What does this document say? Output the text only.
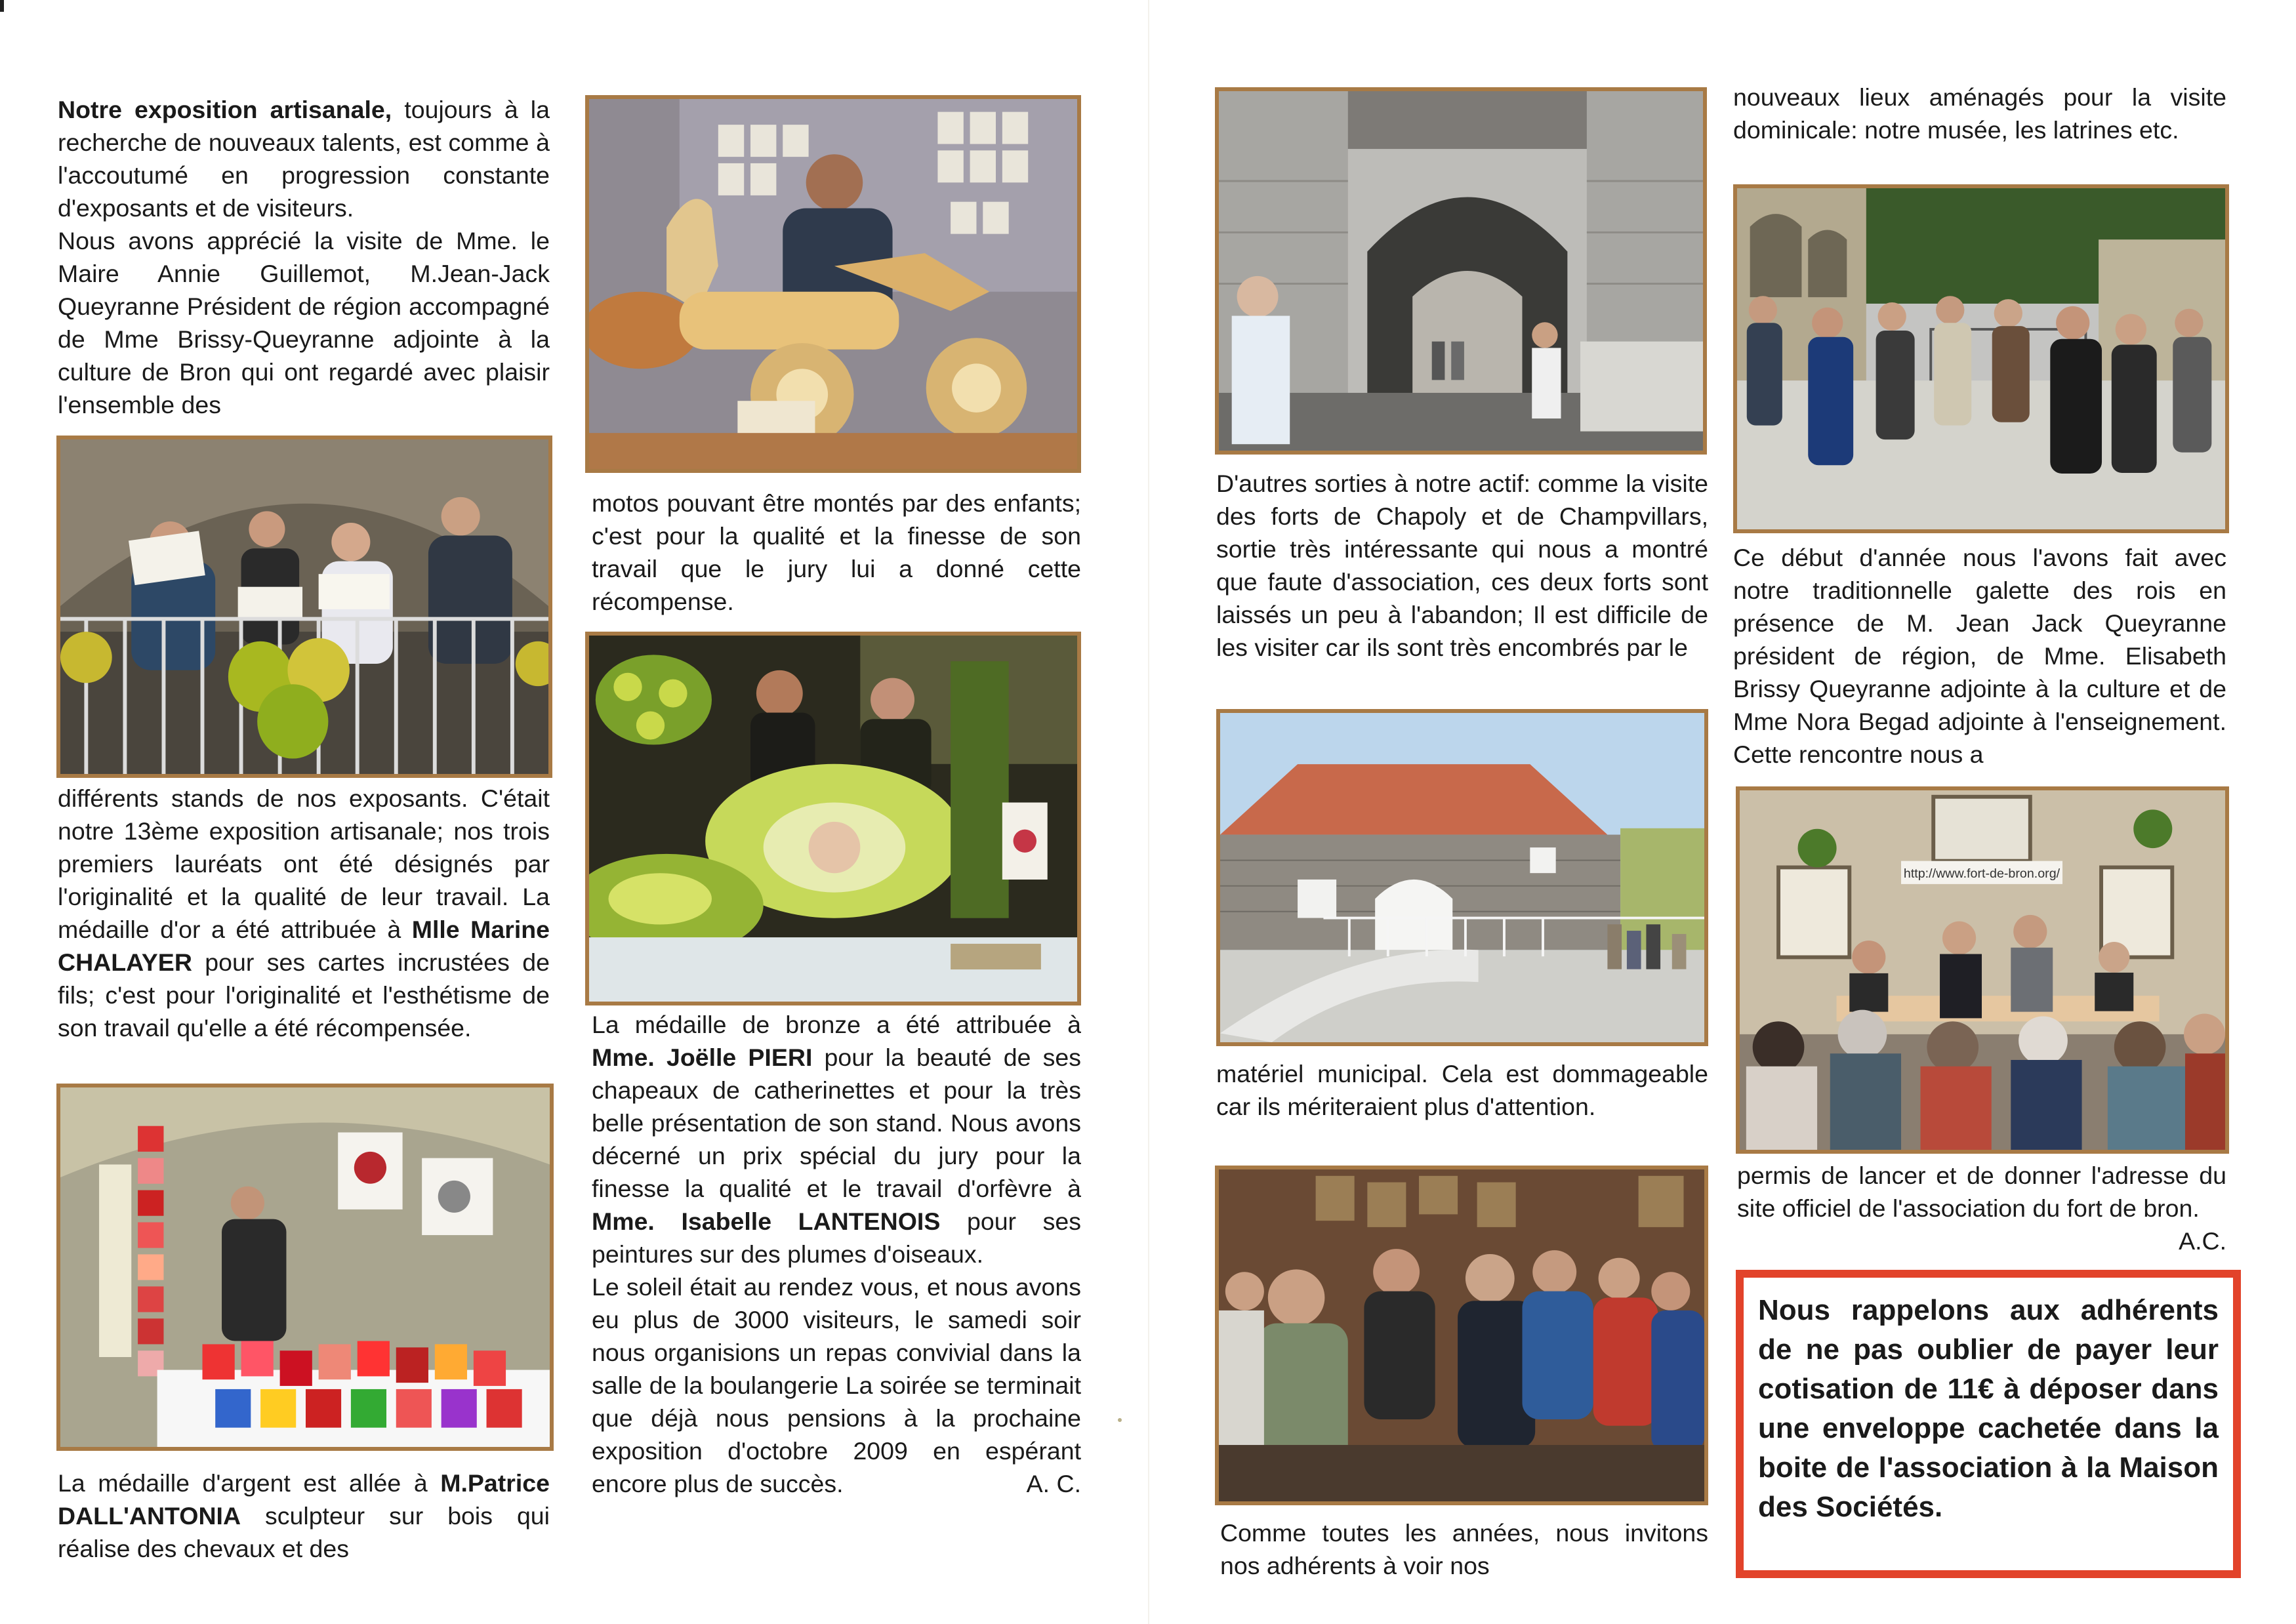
Notre exposition artisanale, toujours à la recherche de nouveaux talents, est comme à l'accoutumé en progression constante d'exposants et de visiteurs.

Nous avons apprécié la visite de Mme. le Maire Annie Guillemot, M.Jean-Jack Queyranne Président de région accompagné de Mme Brissy-Queyranne adjointe à la culture de Bron qui ont regardé avec plaisir l'ensemble des

différents stands de nos exposants. C'était notre 13ème exposition artisanale; nos trois premiers lauréats ont été désignés par l'originalité et la qualité de leur travail. La médaille d'or a été attribuée à Mlle Marine CHALAYER pour ses cartes incrustées de fils; c'est pour l'originalité et l'esthétisme de son travail qu'elle a été récompensée.

La médaille d'argent est allée à M.Patrice DALL'ANTONIA sculpteur sur bois qui réalise des chevaux et des

motos pouvant être montés par des enfants; c'est pour la qualité et la finesse de son travail que le jury lui a donné cette récompense.

La médaille de bronze a été attribuée à Mme. Joëlle PIERI pour la beauté de ses chapeaux de catherinettes et pour la très belle présentation de son stand. Nous avons décerné un prix spécial du jury pour la finesse la qualité et le travail d'orfèvre à Mme. Isabelle LANTENOIS pour ses peintures sur des plumes d'oiseaux.

Le soleil était au rendez vous, et nous avons eu plus de 3000 visiteurs, le samedi soir nous organisions un repas convivial dans la salle de la boulangerie La soirée se terminait que déjà nous pensions à la prochaine exposition d'octobre 2009 en espérant encore plus de succès.	A. C.

D'autres sorties à notre actif: comme la visite des forts de Chapoly et de Champvillars, sortie très intéressante qui nous a montré que faute d'association, ces deux forts sont laissés un peu à l'abandon; Il est difficile de les visiter car ils sont très encombrés par le

matériel municipal. Cela est dommageable car ils mériteraient plus d'attention.

Comme toutes les années, nous invitons nos adhérents à voir nos

nouveaux lieux aménagés pour la visite dominicale: notre musée, les latrines etc.

Ce début d'année nous l'avons fait avec notre traditionnelle galette des rois en présence de M. Jean Jack Queyranne président de région, de Mme. Elisabeth Brissy Queyranne adjointe à la culture et de Mme Nora Begad adjointe à l'enseignement. Cette rencontre nous a

http://www.fort-de-bron.org/

permis de lancer et de donner l'adresse du site officiel de l'association du fort de bron.
A.C.

Nous rappelons aux adhérents de ne pas oublier de payer leur cotisation de 11€ à déposer dans une enveloppe cachetée dans la boite de l'association à la Maison des Sociétés.
